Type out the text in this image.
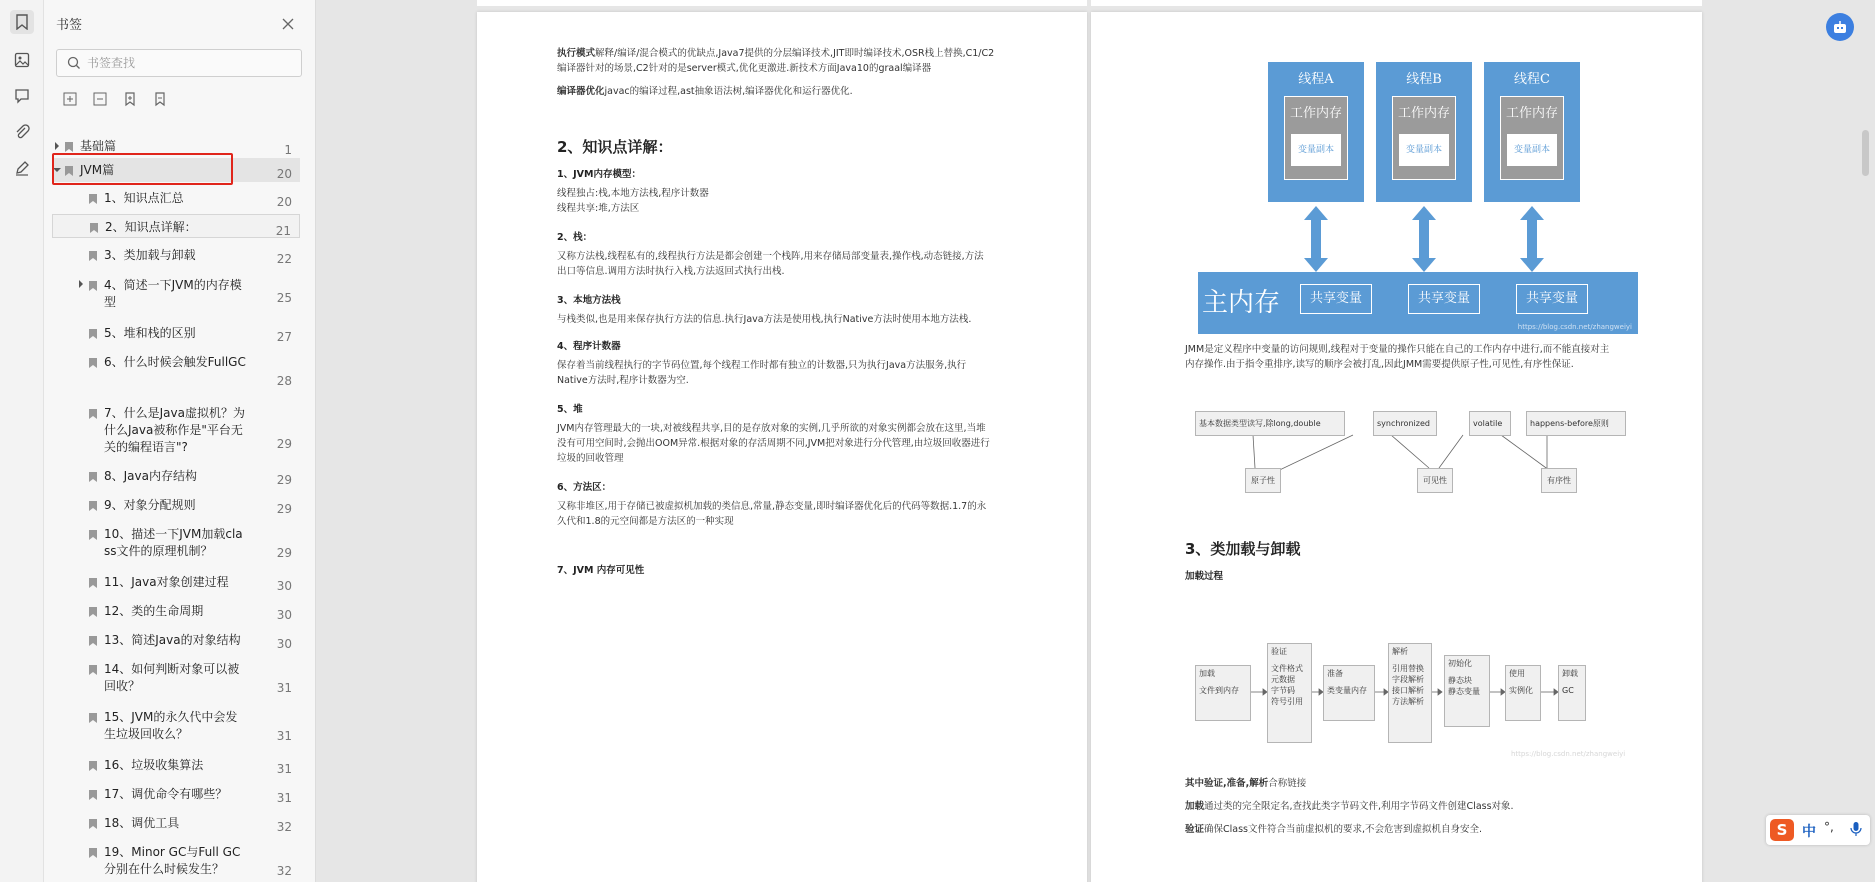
书签
书签查找
基础篇	1
JVM篇	20
1、知识点汇总	20
2、知识点详解：	21
3、类加载与卸载	22
4、简述一下JVM的内存模
型	25
5、堆和栈的区别	27
6、什么时候会触发FullGC
28
7、什么是Java虚拟机？为
什么Java被称作是"平台无
关的编程语言"?	29
8、Java内存结构	29
9、对象分配规则	29
10、描述一下JVM加载cla
ss文件的原理机制？	29
11、Java对象创建过程	30
12、类的生命周期	30
13、简述Java的对象结构	30
14、如何判断对象可以被
回收？	31
15、JVM的永久代中会发
生垃圾回收么？	31
16、垃圾收集算法	31
17、调优命令有哪些？	31
18、调优工具	32
19、Minor GC与Full GC
分别在什么时候发生？	32
执行模式解释/编译/混合模式的优缺点,Java7提供的分层编译技术,JIT即时编译技术,OSR栈上替换,C1/C2
编译器针对的场景,C2针对的是server模式,优化更激进.新技术方面Java10的graal编译器
编译器优化javac的编译过程,ast抽象语法树,编译器优化和运行器优化.
2、知识点详解：
1、JVM内存模型：
线程独占:栈,本地方法栈,程序计数器
线程共享:堆,方法区
2、栈：
又称方法栈,线程私有的,线程执行方法是都会创建一个栈阵,用来存储局部变量表,操作栈,动态链接,方法
出口等信息.调用方法时执行入栈,方法返回式执行出栈.
3、本地方法栈
与栈类似,也是用来保存执行方法的信息.执行Java方法是使用栈,执行Native方法时使用本地方法栈.
4、程序计数器
保存着当前线程执行的字节码位置,每个线程工作时都有独立的计数器,只为执行Java方法服务,执行
Native方法时,程序计数器为空.
5、堆
JVM内存管理最大的一块,对被线程共享,目的是存放对象的实例,几乎所欲的对象实例都会放在这里,当堆
没有可用空间时,会抛出OOM异常.根据对象的存活周期不同,JVM把对象进行分代管理,由垃圾回收器进行
垃圾的回收管理
6、方法区：
又称非堆区,用于存储已被虚拟机加载的类信息,常量,静态变量,即时编译器优化后的代码等数据.1.7的永
久代和1.8的元空间都是方法区的一种实现
7、JVM 内存可见性
线程A
工作内存
变量副本
线程B
工作内存
变量副本
线程C
工作内存
变量副本
主内存	共享变量	共享变量	共享变量
https://blog.csdn.net/zhangweiyi
JMM是定义程序中变量的访问规则,线程对于变量的操作只能在自己的工作内存中进行,而不能直接对主
内存操作.由于指令重排序,读写的顺序会被打乱,因此JMM需要提供原子性,可见性,有序性保证.
基本数据类型读写,除long,double	synchronized	volatile	happens-before原则
原子性	可见性	有序性
3、类加载与卸载
加载过程
加载
文件到内存
验证
文件格式
元数据
字节码
符号引用
准备
类变量内存
解析
引用替换
字段解析
接口解析
方法解析
初始化
静态块
静态变量
使用
实例化
卸载
GC
https://blog.csdn.net/zhangweiyi
其中验证,准备,解析合称链接
加载通过类的完全限定名,查找此类字节码文件,利用字节码文件创建Class对象.
验证确保Class文件符合当前虚拟机的要求,不会危害到虚拟机自身安全.	S	中 °,
